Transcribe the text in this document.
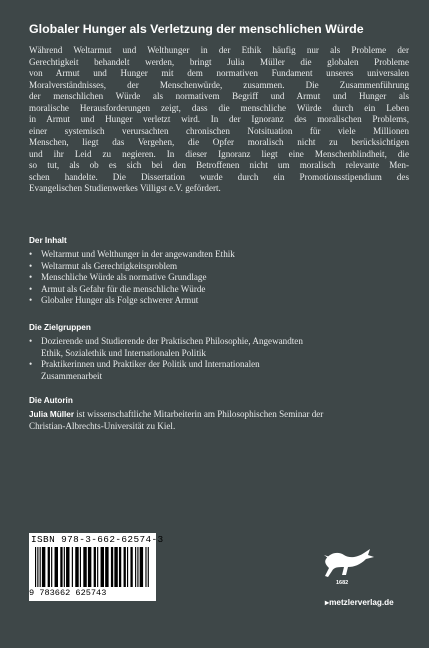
Globaler Hunger als Verletzung der menschlichen Würde
Während Weltarmut und Welthunger in der Ethik häufig nur als Probleme der
Gerechtigkeit behandelt werden, bringt Julia Müller die globalen Probleme
von Armut und Hunger mit dem normativen Fundament unseres universalen
Moralverständnisses, der Menschenwürde, zusammen. Die Zusammenführung
der menschlichen Würde als normativem Begriff und Armut und Hunger als
moralische Herausforderungen zeigt, dass die menschliche Würde durch ein Leben
in Armut und Hunger verletzt wird. In der Ignoranz des moralischen Problems,
einer systemisch verursachten chronischen Notsituation für viele Millionen
Menschen, liegt das Vergehen, die Opfer moralisch nicht zu berücksichtigen
und ihr Leid zu negieren. In dieser Ignoranz liegt eine Menschenblindheit, die
so tut, als ob es sich bei den Betroffenen nicht um moralisch relevante Men-
schen handelte. Die Dissertation wurde durch ein Promotionsstipendium des
Evangelischen Studienwerkes Villigst e.V. gefördert.
Der Inhalt
• Weltarmut und Welthunger in der angewandten Ethik
• Weltarmut als Gerechtigkeitsproblem
• Menschliche Würde als normative Grundlage
• Armut als Gefahr für die menschliche Würde
• Globaler Hunger als Folge schwerer Armut
Die Zielgruppen
• Dozierende und Studierende der Praktischen Philosophie, Angewandten
Ethik, Sozialethik und Internationalen Politik
• Praktikerinnen und Praktiker der Politik und Internationalen
Zusammenarbeit
Die Autorin
Julia Müller ist wissenschaftliche Mitarbeiterin am Philosophischen Seminar der
Christian-Albrechts-Universität zu Kiel.
ISBN 978-3-662-62574-3
9 783662 625743
1682
▸metzlerverlag.de
